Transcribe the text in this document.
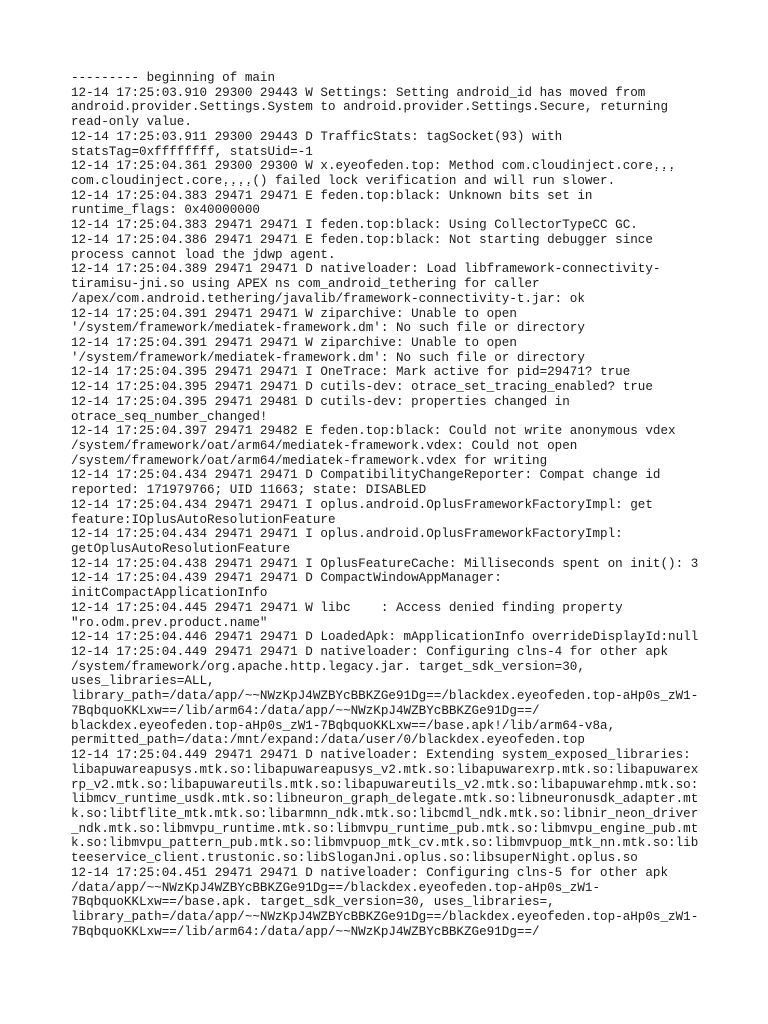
--------- beginning of main
12-14 17:25:03.910 29300 29443 W Settings: Setting android_id has moved from
android.provider.Settings.System to android.provider.Settings.Secure, returning
read-only value.
12-14 17:25:03.911 29300 29443 D TrafficStats: tagSocket(93) with
statsTag=0xffffffff, statsUid=-1
12-14 17:25:04.361 29300 29300 W x.eyeofeden.top: Method com.cloudinject.core.̣.̣.̣
com.cloudinject.core.̣.̣.̣.̣() failed lock verification and will run slower.
12-14 17:25:04.383 29471 29471 E feden.top:black: Unknown bits set in
runtime_flags: 0x40000000
12-14 17:25:04.383 29471 29471 I feden.top:black: Using CollectorTypeCC GC.
12-14 17:25:04.386 29471 29471 E feden.top:black: Not starting debugger since
process cannot load the jdwp agent.
12-14 17:25:04.389 29471 29471 D nativeloader: Load libframework-connectivity-
tiramisu-jni.so using APEX ns com_android_tethering for caller
/apex/com.android.tethering/javalib/framework-connectivity-t.jar: ok
12-14 17:25:04.391 29471 29471 W ziparchive: Unable to open
'/system/framework/mediatek-framework.dm': No such file or directory
12-14 17:25:04.391 29471 29471 W ziparchive: Unable to open
'/system/framework/mediatek-framework.dm': No such file or directory
12-14 17:25:04.395 29471 29471 I OneTrace: Mark active for pid=29471? true
12-14 17:25:04.395 29471 29471 D cutils-dev: otrace_set_tracing_enabled? true
12-14 17:25:04.395 29471 29481 D cutils-dev: properties changed in
otrace_seq_number_changed!
12-14 17:25:04.397 29471 29482 E feden.top:black: Could not write anonymous vdex
/system/framework/oat/arm64/mediatek-framework.vdex: Could not open
/system/framework/oat/arm64/mediatek-framework.vdex for writing
12-14 17:25:04.434 29471 29471 D CompatibilityChangeReporter: Compat change id
reported: 171979766; UID 11663; state: DISABLED
12-14 17:25:04.434 29471 29471 I oplus.android.OplusFrameworkFactoryImpl: get
feature:IOplusAutoResolutionFeature
12-14 17:25:04.434 29471 29471 I oplus.android.OplusFrameworkFactoryImpl:
getOplusAutoResolutionFeature
12-14 17:25:04.438 29471 29471 I OplusFeatureCache: Milliseconds spent on init(): 3
12-14 17:25:04.439 29471 29471 D CompactWindowAppManager:
initCompactApplicationInfo
12-14 17:25:04.445 29471 29471 W libc    : Access denied finding property
"ro.odm.prev.product.name"
12-14 17:25:04.446 29471 29471 D LoadedApk: mApplicationInfo overrideDisplayId:null
12-14 17:25:04.449 29471 29471 D nativeloader: Configuring clns-4 for other apk
/system/framework/org.apache.http.legacy.jar. target_sdk_version=30,
uses_libraries=ALL,
library_path=/data/app/~~NWzKpJ4WZBYcBBKZGe91Dg==/blackdex.eyeofeden.top-aHp0s_zW1-
7BqbquoKKLxw==/lib/arm64:/data/app/~~NWzKpJ4WZBYcBBKZGe91Dg==/
blackdex.eyeofeden.top-aHp0s_zW1-7BqbquoKKLxw==/base.apk!/lib/arm64-v8a,
permitted_path=/data:/mnt/expand:/data/user/0/blackdex.eyeofeden.top
12-14 17:25:04.449 29471 29471 D nativeloader: Extending system_exposed_libraries:
libapuwareapusys.mtk.so:libapuwareapusys_v2.mtk.so:libapuwarexrp.mtk.so:libapuwarex
rp_v2.mtk.so:libapuwareutils.mtk.so:libapuwareutils_v2.mtk.so:libapuwarehmp.mtk.so:
libmcv_runtime_usdk.mtk.so:libneuron_graph_delegate.mtk.so:libneuronusdk_adapter.mt
k.so:libtflite_mtk.mtk.so:libarmnn_ndk.mtk.so:libcmdl_ndk.mtk.so:libnir_neon_driver
_ndk.mtk.so:libmvpu_runtime.mtk.so:libmvpu_runtime_pub.mtk.so:libmvpu_engine_pub.mt
k.so:libmvpu_pattern_pub.mtk.so:libmvpuop_mtk_cv.mtk.so:libmvpuop_mtk_nn.mtk.so:lib
teeservice_client.trustonic.so:libSloganJni.oplus.so:libsuperNight.oplus.so
12-14 17:25:04.451 29471 29471 D nativeloader: Configuring clns-5 for other apk
/data/app/~~NWzKpJ4WZBYcBBKZGe91Dg==/blackdex.eyeofeden.top-aHp0s_zW1-
7BqbquoKKLxw==/base.apk. target_sdk_version=30, uses_libraries=,
library_path=/data/app/~~NWzKpJ4WZBYcBBKZGe91Dg==/blackdex.eyeofeden.top-aHp0s_zW1-
7BqbquoKKLxw==/lib/arm64:/data/app/~~NWzKpJ4WZBYcBBKZGe91Dg==/
